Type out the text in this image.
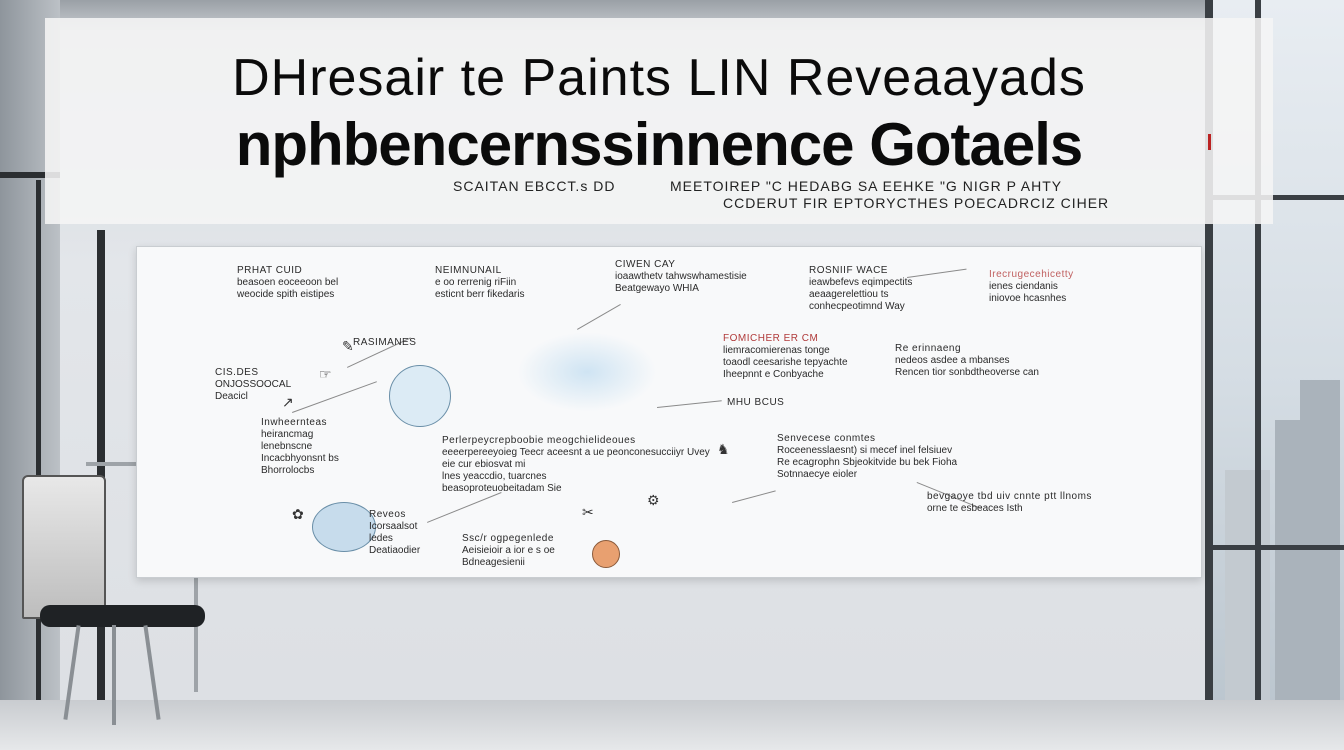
✎
☞
↗
✿	✂
⚙
♞
PRHAT CUID
beasoen eoceeoon bel
weocide spith eistipes
NEIMNUNAIL
e oo rerrenig riFiin
esticnt berr fikedaris
CIWEN CAY
ioaawthetv tahwswhamestisie
Beatgewayo WHIA
ROSNIIF WACE
ieawbefevs eqimpectits
aeaagerelettiou ts
conhecpeotimnd Way
Irecrugecehicetty
ienes ciendanis
iniovoe hcasnhes
RASIMANES
CIS.DES
ONJOSSOOCAL
Deacicl
FOMICHER ER CM
liemracomierenas tonge
toaodl ceesarishe tepyachte
Iheepnnt e Conbyache
Re erinnaeng
nedeos asdee a mbanses
Rencen tior sonbdtheoverse can
MHU BCUS
Inwheernteas
heirancmag
lenebnscne
Incacbhyonsnt bs
Bhorrolocbs
Perlerpeycrepboobie meogchielideoues
eeeerpereeyoieg Teecr aceesnt a ue peonconesucciiyr Uvey
eie cur ebiosvat mi
lnes yeaccdio, tuarcnes
beasoproteuobeitadam Sie
Senvecese conmtes
Roceenesslaesnt) si mecef inel felsiuev
Re ecagrophn Sbjeokitvide bu bek Fioha
Sotnnaecye eioler
bevgaoye tbd uiv cnnte ptt llnoms
orne te esbeaces Isth
Ssc/r ogpegenlede
Aeisieioir a ior e s oe
Bdneagesienii
Reveos
Icorsaalsot
ledes
Deatiaodier
DHresair te Paints LIN Reveaayads
nphbencernssinnence Gotaels
SCAITAN EBCCT.s DD	MEETOIREP "C HEDABG SA EEHKE "G NIGR P AHTY
CCDERUT FIR EPTORYCTHES POECADRCIZ CIHER
